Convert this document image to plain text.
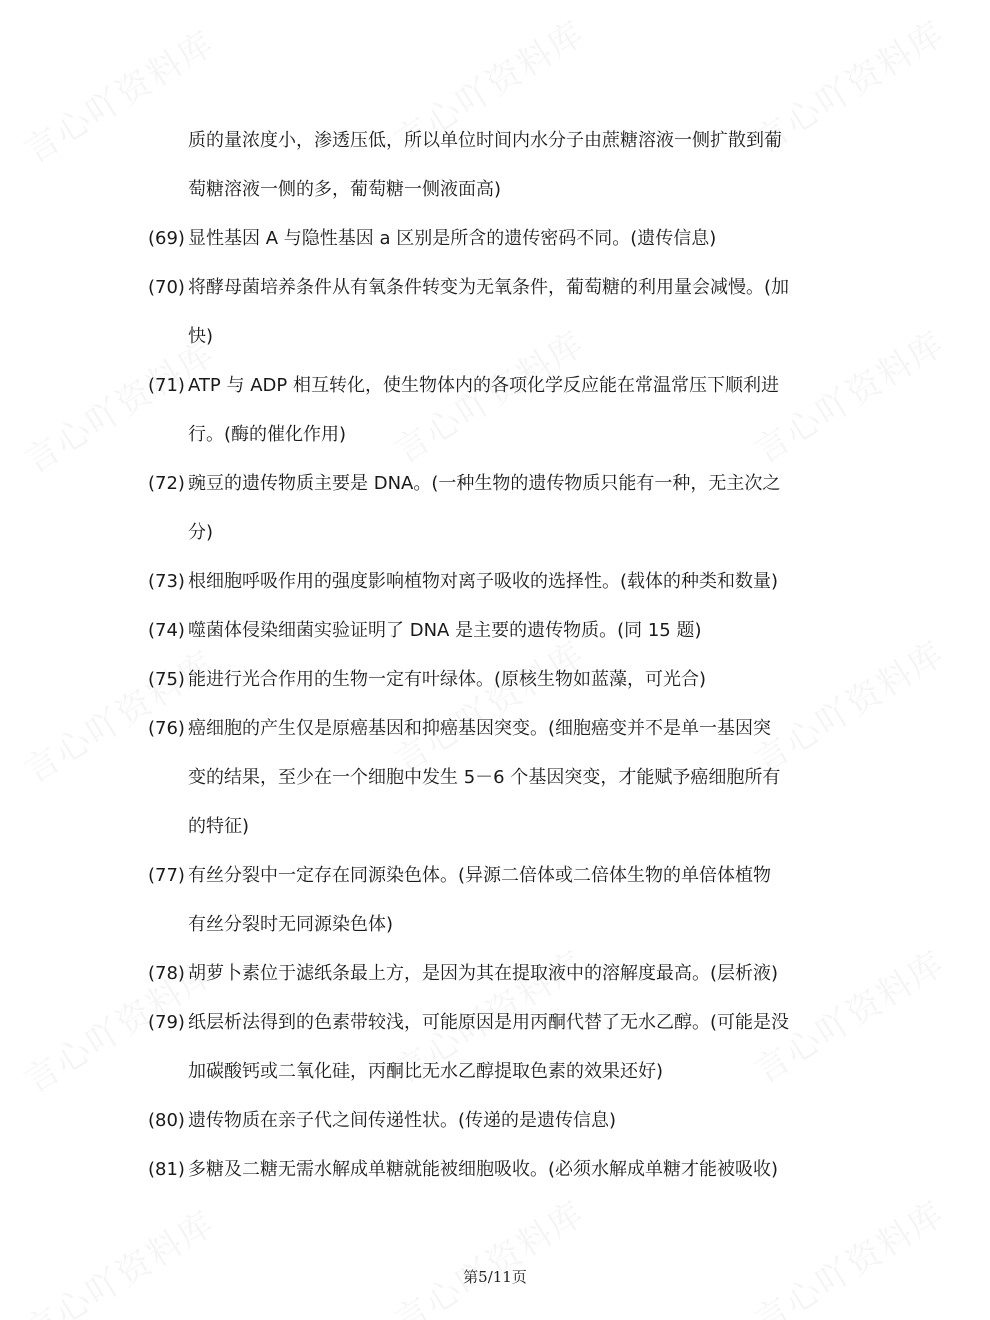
质的量浓度小，渗透压低，所以单位时间内水分子由蔗糖溶液一侧扩散到葡
萄糖溶液一侧的多，葡萄糖一侧液面高)
(69) 显性基因 A 与隐性基因 a 区别是所含的遗传密码不同。(遗传信息)
(70) 将酵母菌培养条件从有氧条件转变为无氧条件，葡萄糖的利用量会减慢。(加
快)
(71) ATP 与 ADP 相互转化，使生物体内的各项化学反应能在常温常压下顺利进
行。(酶的催化作用)
(72) 豌豆的遗传物质主要是 DNA。(一种生物的遗传物质只能有一种，无主次之
分)
(73) 根细胞呼吸作用的强度影响植物对离子吸收的选择性。(载体的种类和数量)
(74) 噬菌体侵染细菌实验证明了 DNA 是主要的遗传物质。(同 15 题)
(75) 能进行光合作用的生物一定有叶绿体。(原核生物如蓝藻，可光合)
(76) 癌细胞的产生仅是原癌基因和抑癌基因突变。(细胞癌变并不是单一基因突
变的结果，至少在一个细胞中发生 5－6 个基因突变，才能赋予癌细胞所有
的特征)
(77) 有丝分裂中一定存在同源染色体。(异源二倍体或二倍体生物的单倍体植物
有丝分裂时无同源染色体)
(78) 胡萝卜素位于滤纸条最上方，是因为其在提取液中的溶解度最高。(层析液)
(79) 纸层析法得到的色素带较浅，可能原因是用丙酮代替了无水乙醇。(可能是没
加碳酸钙或二氧化硅，丙酮比无水乙醇提取色素的效果还好)
(80) 遗传物质在亲子代之间传递性状。(传递的是遗传信息)
(81) 多糖及二糖无需水解成单糖就能被细胞吸收。(必须水解成单糖才能被吸收)
第5/11页
